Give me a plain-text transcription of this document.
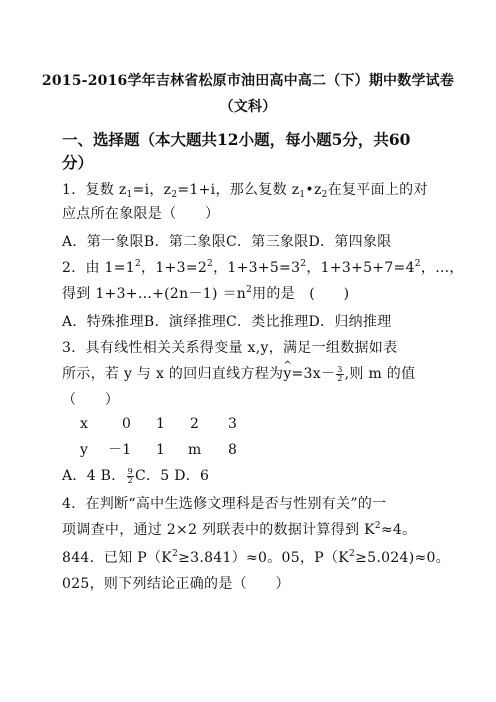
2015-2016学年吉林省松原市油田高中高二（下）期中数学试卷
（文科）
一、选择题（本大题共12小题，每小题5分，共60
分）
1．复数 $z_1=i$，$z_2=1+i$，那么复数 $z_1•z_2$在复平面上的对
应点所在象限是（　　）
A．第一象限B．第二象限C．第三象限D．第四象限
2．由 $1=1^2$，$1+3=2^2$，$1+3+5=3^2$，$1+3+5+7=4^2$，…，
得到 1+3+…+(2n－1) $=n^2$用的是　(　　)
A．特殊推理B．演绎推理C．类比推理D．归纳推理
3．具有线性相关关系得变量 x,y，满足一组数据如表
所示，若 y 与 x 的回归直线方程为^ $y=3x- \frac{3}{2}$ ,则 m 的值
（　　）
x 0 1 2 3
y －1 1 m 8
A．4 B． $\frac{9}{2}$ C．5 D．6
4．在判断“高中生选修文理科是否与性别有关”的一
项调查中，通过 2×2 列联表中的数据计算得到 $K^2\approx 4$。
844．已知 $P(K^2\ge 3.841)\approx 0$。05，$P(K^2\ge 5.024)\approx 0$。
025，则下列结论正确的是（　　）
